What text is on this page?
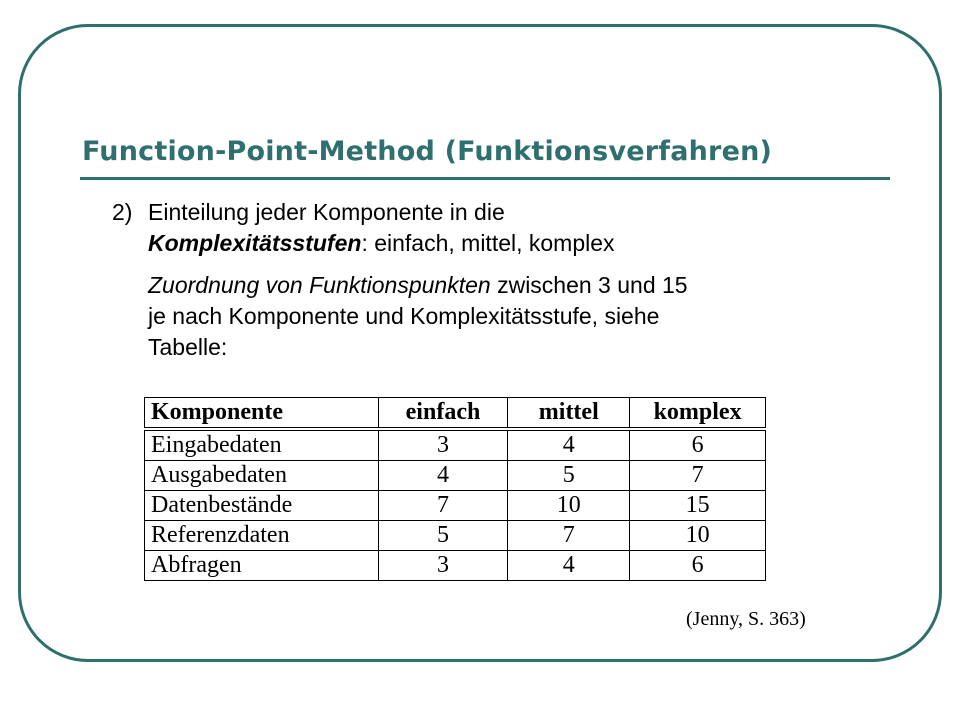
Function-Point-Method (Funktionsverfahren)
2) Einteilung jeder Komponente in die
Komplexitätsstufen: einfach, mittel, komplex
Zuordnung von Funktionspunkten zwischen 3 und 15
je nach Komponente und Komplexitätsstufe, siehe
Tabelle:
Komponente	einfach	mittel	komplex
Eingabedaten	3	4	6
Ausgabedaten	4	5	7
Datenbestände	7	10	15
Referenzdaten	5	7	10
Abfragen	3	4	6
(Jenny, S. 363)
